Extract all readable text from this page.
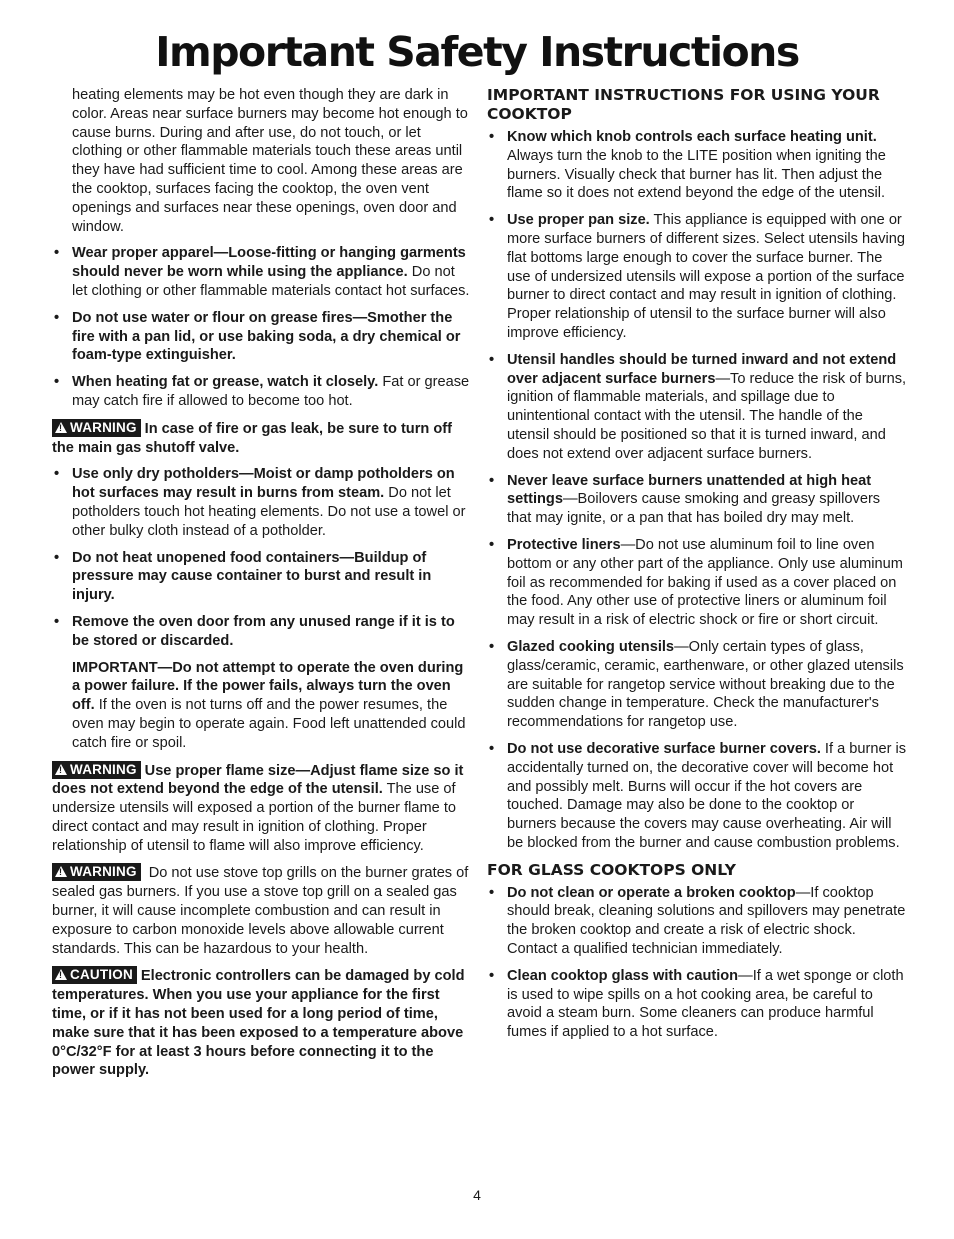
Important Safety Instructions

heating elements may be hot even though they are dark in color. Areas near surface burners may become hot enough to cause burns. During and after use, do not touch, or let clothing or other flammable materials touch these areas until they have had sufficient time to cool. Among these areas are the cooktop, surfaces facing the cooktop, the oven vent openings and surfaces near these openings, oven door and window.

• Wear proper apparel—Loose-fitting or hanging garments should never be worn while using the appliance. Do not let clothing or other flammable materials contact hot surfaces.
• Do not use water or flour on grease fires—Smother the fire with a pan lid, or use baking soda, a dry chemical or foam-type extinguisher.
• When heating fat or grease, watch it closely. Fat or grease may catch fire if allowed to become too hot.
! WARNING In case of fire or gas leak, be sure to turn off the main gas shutoff valve.
• Use only dry potholders—Moist or damp potholders on hot surfaces may result in burns from steam. Do not let potholders touch hot heating elements. Do not use a towel or other bulky cloth instead of a potholder.
• Do not heat unopened food containers—Buildup of pressure may cause container to burst and result in injury.
• Remove the oven door from any unused range if it is to be stored or discarded.

IMPORTANT—Do not attempt to operate the oven during a power failure. If the power fails, always turn the oven off. If the oven is not turns off and the power resumes, the oven may begin to operate again. Food left unattended could catch fire or spoil.

! WARNING Use proper flame size—Adjust flame size so it does not extend beyond the edge of the utensil. The use of undersize utensils will exposed a portion of the burner flame to direct contact and may result in ignition of clothing. Proper relationship of utensil to flame will also improve efficiency.
! WARNING Do not use stove top grills on the burner grates of sealed gas burners. If you use a stove top grill on a sealed gas burner, it will cause incomplete combustion and can result in exposure to carbon monoxide levels above allowable current standards. This can be hazardous to your health.
! CAUTION Electronic controllers can be damaged by cold temperatures. When you use your appliance for the first time, or if it has not been used for a long period of time, make sure that it has been exposed to a temperature above 0°C/32°F for at least 3 hours before connecting it to the power supply.
IMPORTANT INSTRUCTIONS FOR USING YOUR COOKTOP
• Know which knob controls each surface heating unit. Always turn the knob to the LITE position when igniting the burners. Visually check that burner has lit. Then adjust the flame so it does not extend beyond the edge of the utensil.
• Use proper pan size. This appliance is equipped with one or more surface burners of different sizes. Select utensils having flat bottoms large enough to cover the surface burner. The use of undersized utensils will expose a portion of the surface burner to direct contact and may result in ignition of clothing. Proper relationship of utensil to the surface burner will also improve efficiency.
• Utensil handles should be turned inward and not extend over adjacent surface burners—To reduce the risk of burns, ignition of flammable materials, and spillage due to unintentional contact with the utensil. The handle of the utensil should be positioned so that it is turned inward, and does not extend over adjacent surface burners.
• Never leave surface burners unattended at high heat settings—Boilovers cause smoking and greasy spillovers that may ignite, or a pan that has boiled dry may melt.
• Protective liners—Do not use aluminum foil to line oven bottom or any other part of the appliance. Only use aluminum foil as recommended for baking if used as a cover placed on the food. Any other use of protective liners or aluminum foil may result in a risk of electric shock or fire or short circuit.
• Glazed cooking utensils—Only certain types of glass, glass/ceramic, ceramic, earthenware, or other glazed utensils are suitable for rangetop service without breaking due to the sudden change in temperature. Check the manufacturer's recommendations for rangetop use.
• Do not use decorative surface burner covers. If a burner is accidentally turned on, the decorative cover will become hot and possibly melt. Burns will occur if the hot covers are touched. Damage may also be done to the cooktop or burners because the covers may cause overheating. Air will be blocked from the burner and cause combustion problems.
FOR GLASS COOKTOPS ONLY
• Do not clean or operate a broken cooktop—If cooktop should break, cleaning solutions and spillovers may penetrate the broken cooktop and create a risk of electric shock. Contact a qualified technician immediately.
• Clean cooktop glass with caution—If a wet sponge or cloth is used to wipe spills on a hot cooking area, be careful to avoid a steam burn. Some cleaners can produce harmful fumes if applied to a hot surface.
4
